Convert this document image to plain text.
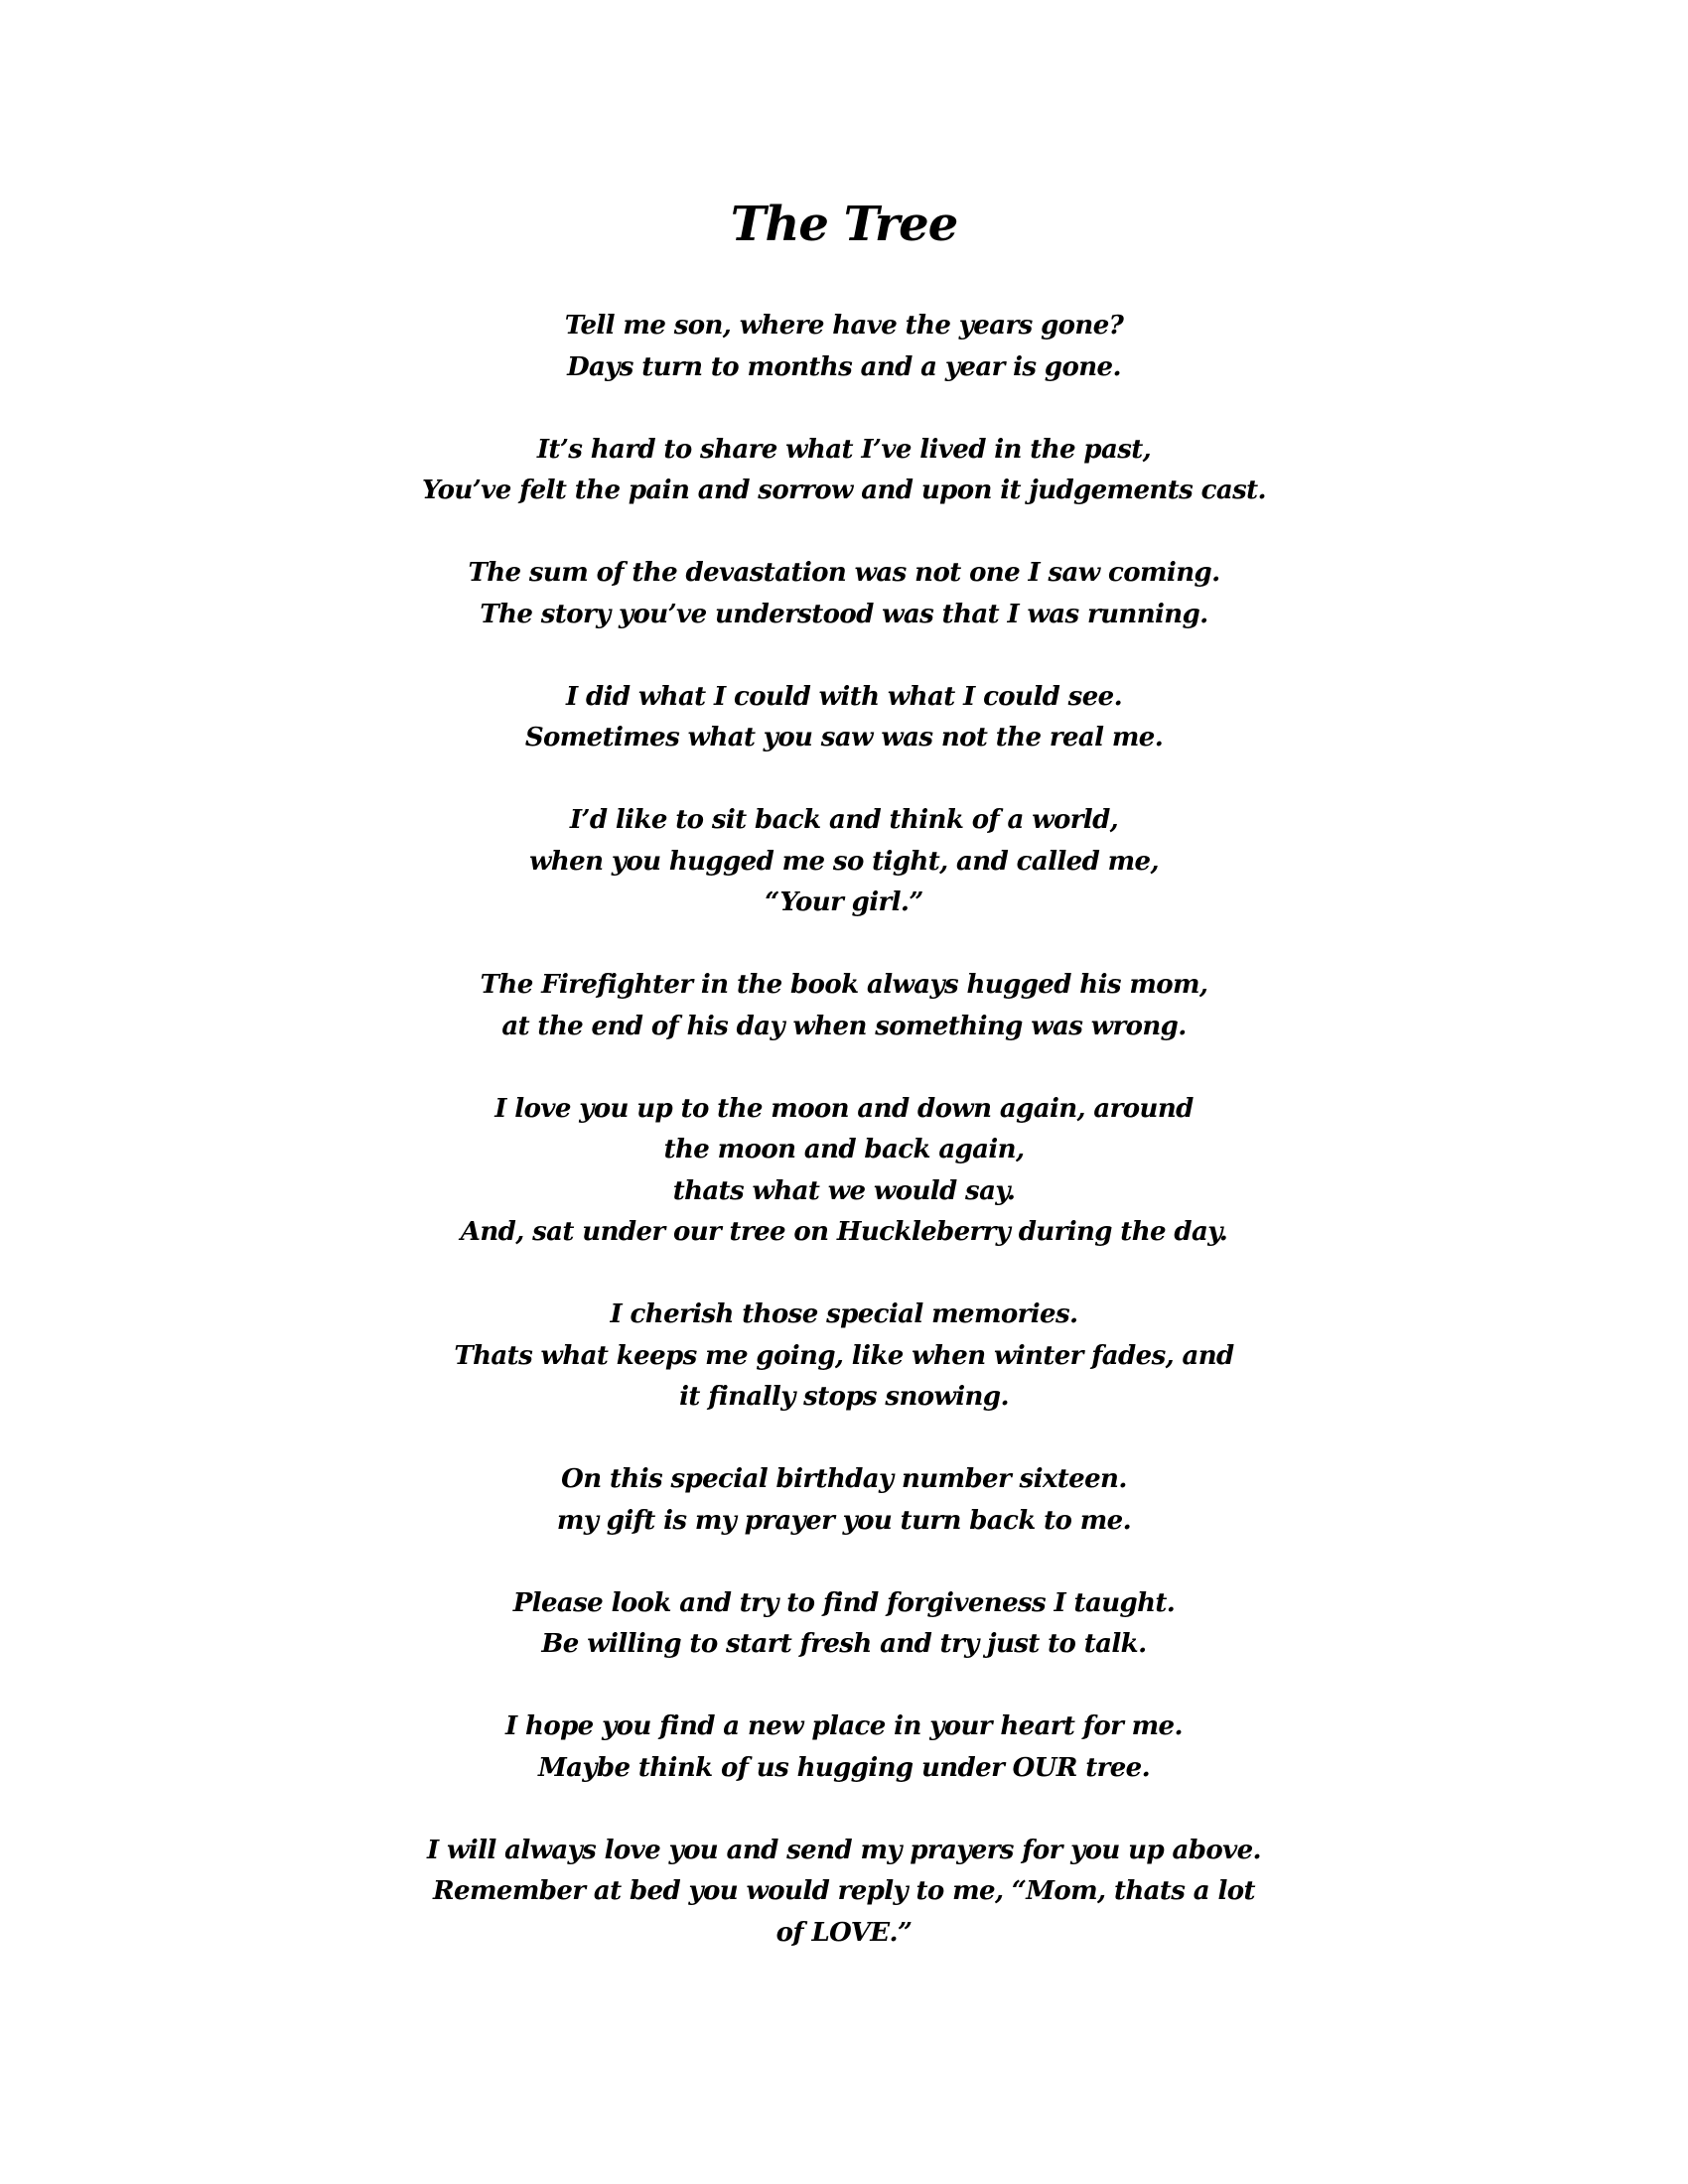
The Tree
Tell me son, where have the years gone?
Days turn to months and a year is gone.
It’s hard to share what I’ve lived in the past,
You’ve felt the pain and sorrow and upon it judgements cast.
The sum of the devastation was not one I saw coming.
The story you’ve understood was that I was running.
I did what I could with what I could see.
Sometimes what you saw was not the real me.
I’d like to sit back and think of a world,
when you hugged me so tight, and called me,
“Your girl.”
The Firefighter in the book always hugged his mom,
at the end of his day when something was wrong.
I love you up to the moon and down again, around
the moon and back again,
thats what we would say.
And, sat under our tree on Huckleberry during the day.
I cherish those special memories.
Thats what keeps me going, like when winter fades, and
it finally stops snowing.
On this special birthday number sixteen.
my gift is my prayer you turn back to me.
Please look and try to find forgiveness I taught.
Be willing to start fresh and try just to talk.
I hope you find a new place in your heart for me.
Maybe think of us hugging under OUR tree.
I will always love you and send my prayers for you up above.
Remember at bed you would reply to me, “Mom, thats a lot
of LOVE.”
